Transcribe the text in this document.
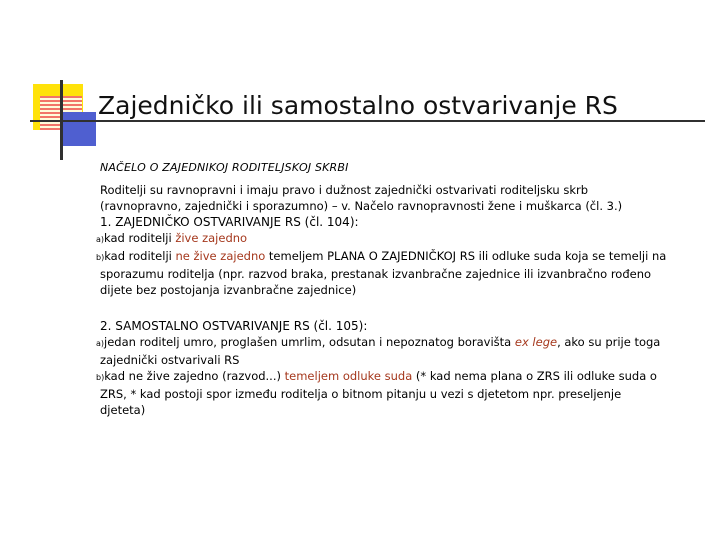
Zajedničko ili samostalno ostvarivanje RS

NAČELO O ZAJEDNIKOJ RODITELJSKOJ SKRBI

Roditelji su ravnopravni i imaju pravo i dužnost zajednički ostvarivati roditeljsku skrb (ravnopravno, zajednički i sporazumno) – v. Načelo ravnopravnosti žene i muškarca (čl. 3.)

1. ZAJEDNIČKO OSTVARIVANJE RS (čl. 104):

a)kad roditelji žive zajedno

b)kad roditelji ne žive zajedno temeljem PLANA O ZAJEDNIČKOJ RS ili odluke suda koja se temelji na sporazumu roditelja (npr. razvod braka, prestanak izvanbračne zajednice ili izvanbračno rođeno dijete bez postojanja izvanbračne zajednice)

2. SAMOSTALNO OSTVARIVANJE RS (čl. 105):

a)jedan roditelj umro, proglašen umrlim, odsutan i nepoznatog boravišta ex lege, ako su prije toga zajednički ostvarivali RS

b)kad ne žive zajedno (razvod...) temeljem odluke suda (* kad nema plana o ZRS ili odluke suda o ZRS, * kad postoji spor između roditelja o bitnom pitanju u vezi s djetetom npr. preseljenje djeteta)
